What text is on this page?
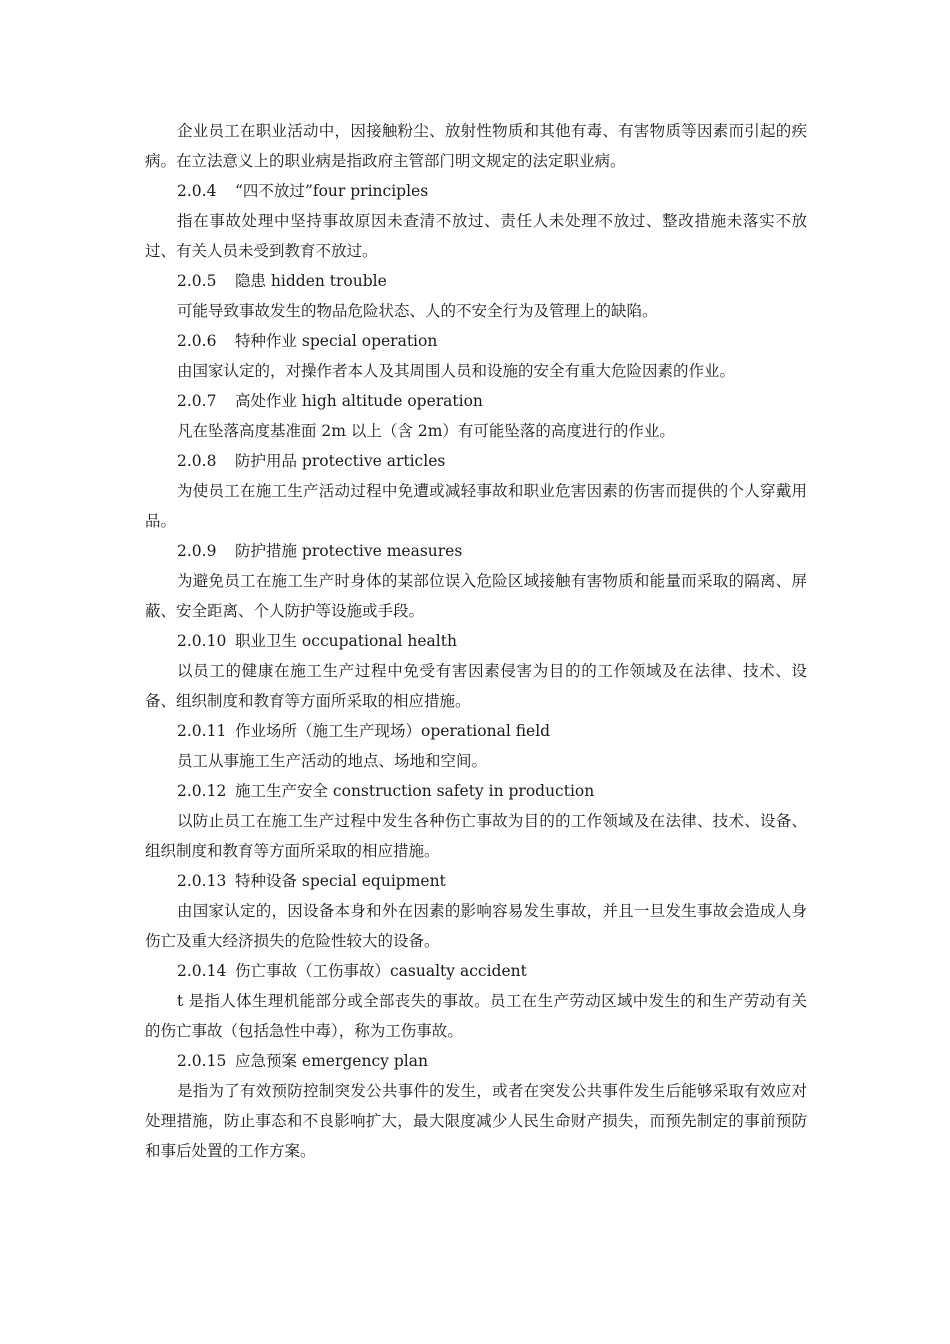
企业员工在职业活动中，因接触粉尘、放射性物质和其他有毒、有害物质等因素而引起的疾病。在立法意义上的职业病是指政府主管部门明文规定的法定职业病。

2.0.4 “四不放过”four principles

指在事故处理中坚持事故原因未查清不放过、责任人未处理不放过、整改措施未落实不放过、有关人员未受到教育不放过。

2.0.5 隐患 hidden trouble

可能导致事故发生的物品危险状态、人的不安全行为及管理上的缺陷。

2.0.6 特种作业 special operation

由国家认定的，对操作者本人及其周围人员和设施的安全有重大危险因素的作业。

2.0.7 高处作业 high altitude operation

凡在坠落高度基准面 2m 以上（含 2m）有可能坠落的高度进行的作业。

2.0.8 防护用品 protective articles

为使员工在施工生产活动过程中免遭或减轻事故和职业危害因素的伤害而提供的个人穿戴用品。

2.0.9 防护措施 protective measures

为避免员工在施工生产时身体的某部位误入危险区域接触有害物质和能量而采取的隔离、屏蔽、安全距离、个人防护等设施或手段。

2.0.10 职业卫生 occupational health

以员工的健康在施工生产过程中免受有害因素侵害为目的的工作领域及在法律、技术、设备、组织制度和教育等方面所采取的相应措施。

2.0.11 作业场所（施工生产现场）operational field

员工从事施工生产活动的地点、场地和空间。

2.0.12 施工生产安全 construction safety in production

以防止员工在施工生产过程中发生各种伤亡事故为目的的工作领域及在法律、技术、设备、组织制度和教育等方面所采取的相应措施。

2.0.13 特种设备 special equipment

由国家认定的，因设备本身和外在因素的影响容易发生事故，并且一旦发生事故会造成人身伤亡及重大经济损失的危险性较大的设备。

2.0.14 伤亡事故（工伤事故）casualty accident

t 是指人体生理机能部分或全部丧失的事故。员工在生产劳动区域中发生的和生产劳动有关的伤亡事故（包括急性中毒），称为工伤事故。

2.0.15 应急预案 emergency plan

是指为了有效预防控制突发公共事件的发生，或者在突发公共事件发生后能够采取有效应对处理措施，防止事态和不良影响扩大，最大限度减少人民生命财产损失，而预先制定的事前预防和事后处置的工作方案。
